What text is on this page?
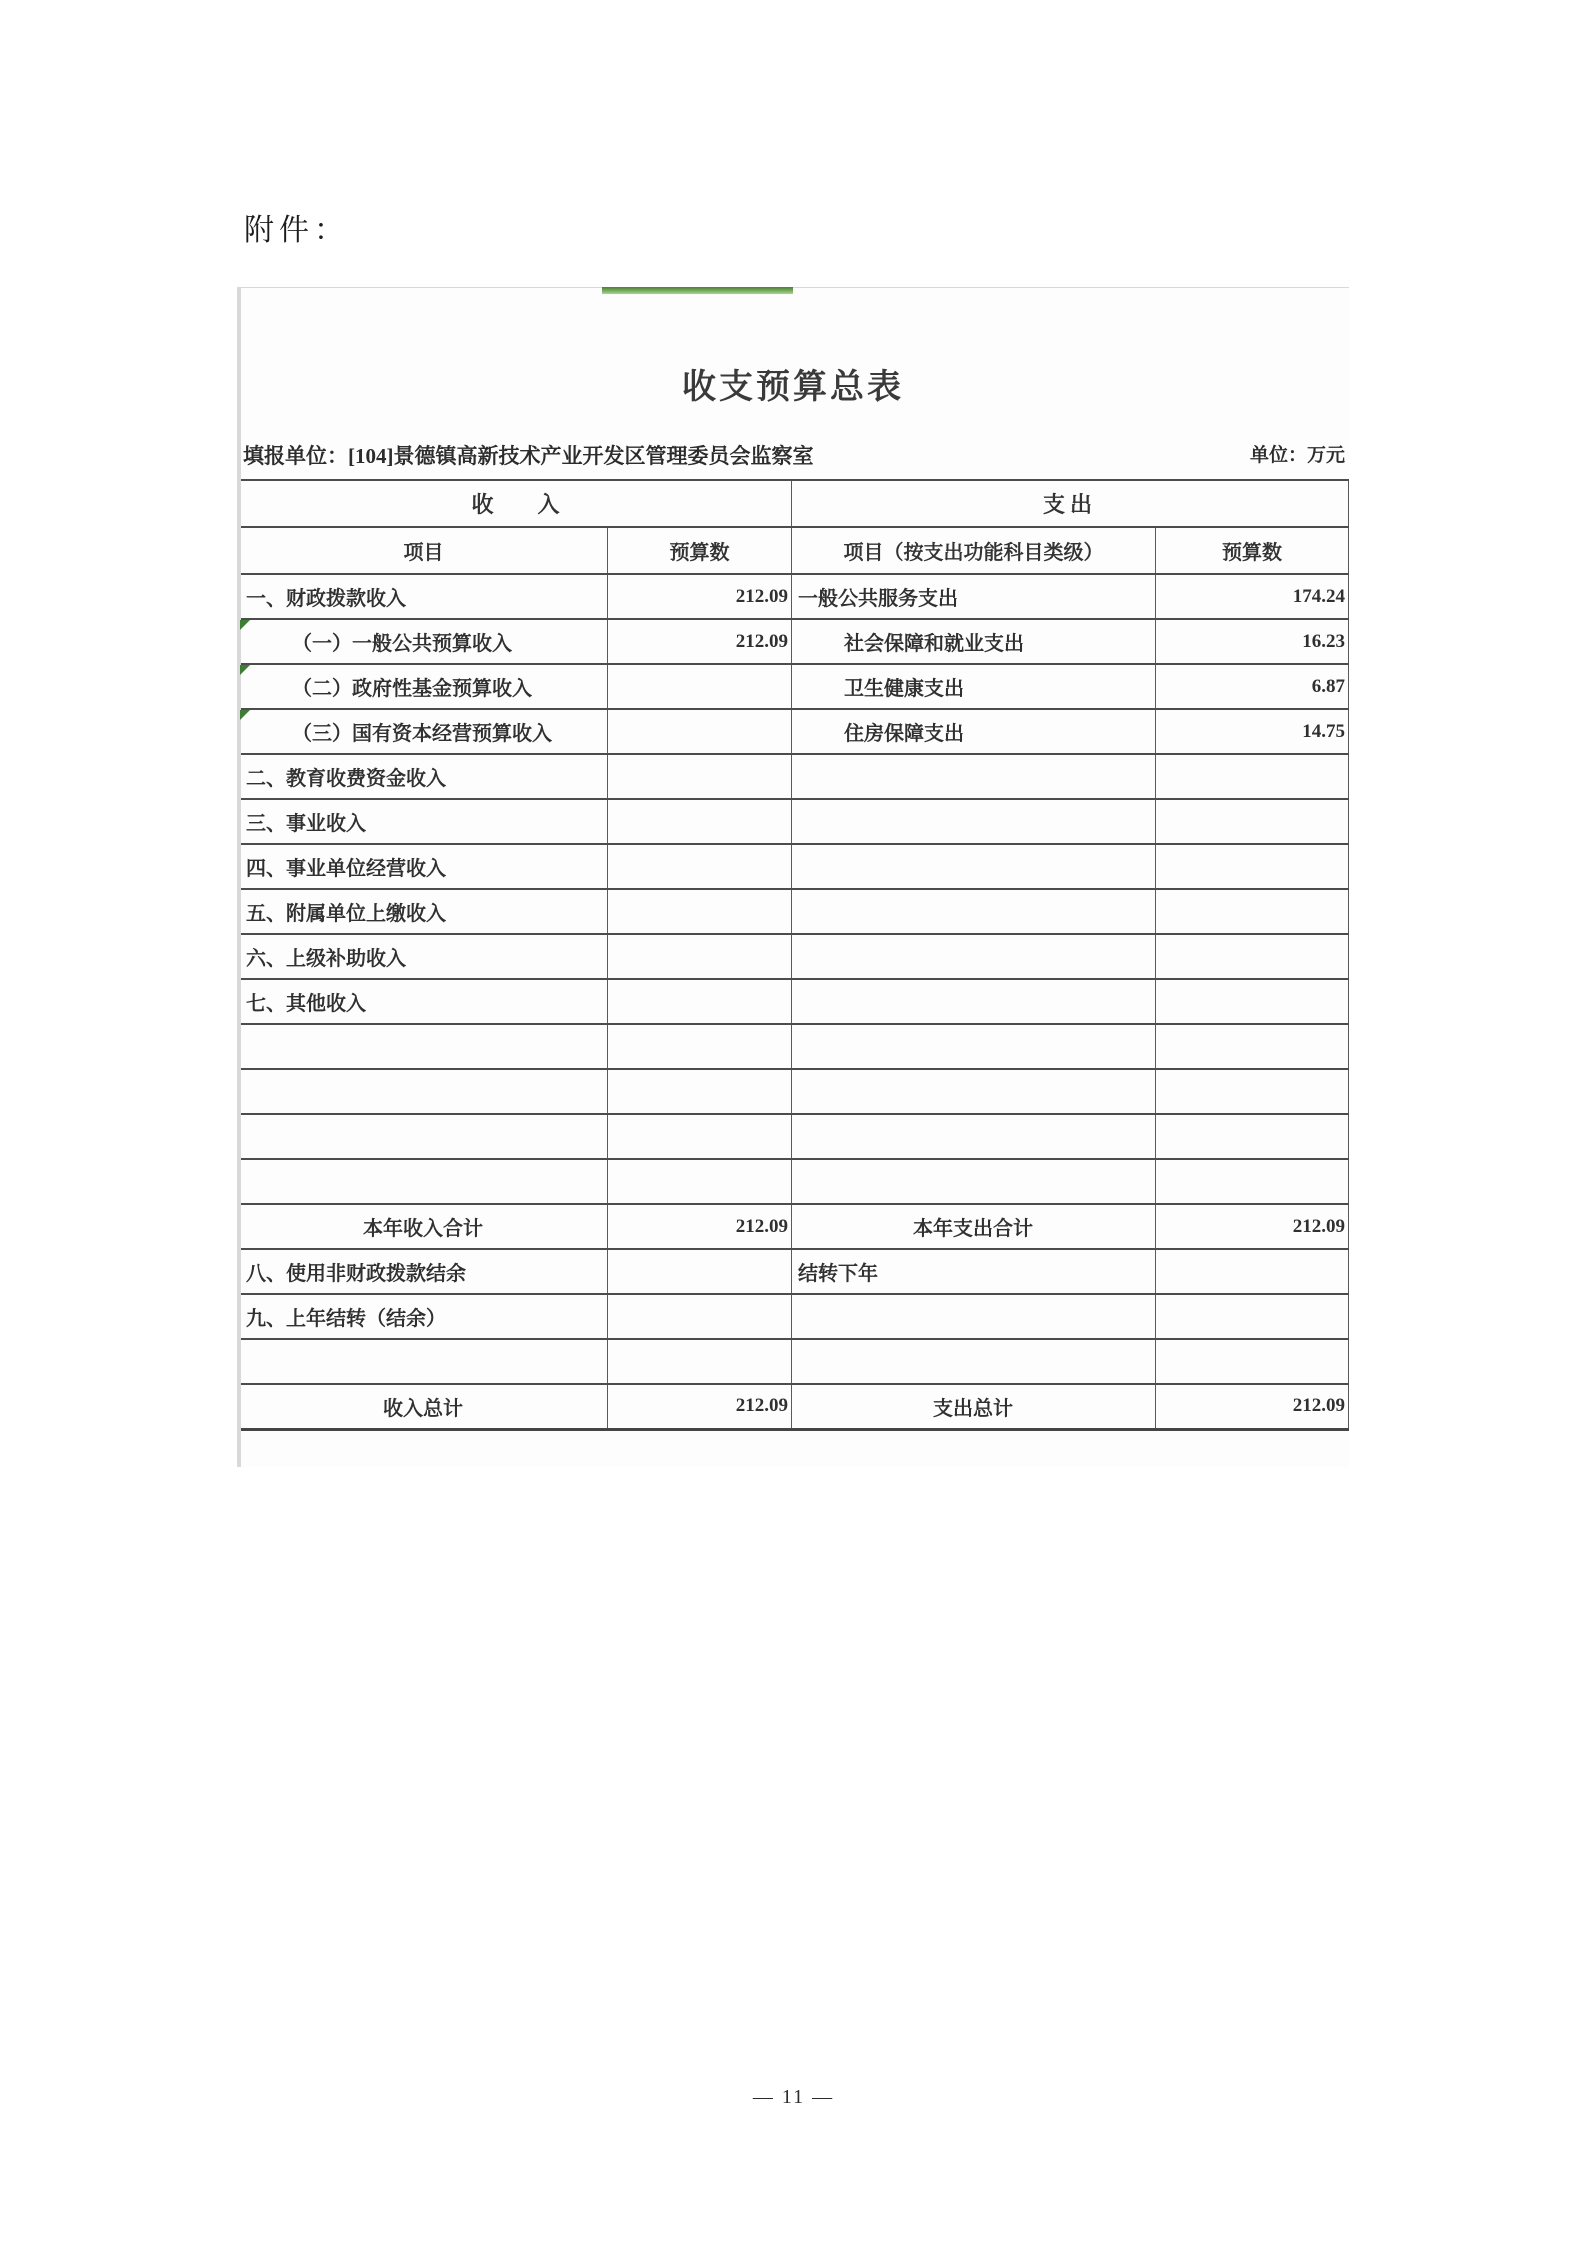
附件：
收支预算总表
填报单位：[104]景德镇高新技术产业开发区管理委员会监察室	单位：万元
收　　入		支出	
项目	预算数	项目（按支出功能科目类级）	预算数
一、财政拨款收入	212.09	一般公共服务支出	174.24

（一）一般公共预算收入	212.09	社会保障和就业支出	16.23

（二）政府性基金预算收入		卫生健康支出	6.87

（三）国有资本经营预算收入		住房保障支出	14.75
二、教育收费资金收入			
三、事业收入			
四、事业单位经营收入			
五、附属单位上缴收入			
六、上级补助收入			
七、其他收入			

本年收入合计	212.09	本年支出合计	212.09
八、使用非财政拨款结余		结转下年	
九、上年结转（结余）			

收入总计	212.09	支出总计	212.09
— 11 —
